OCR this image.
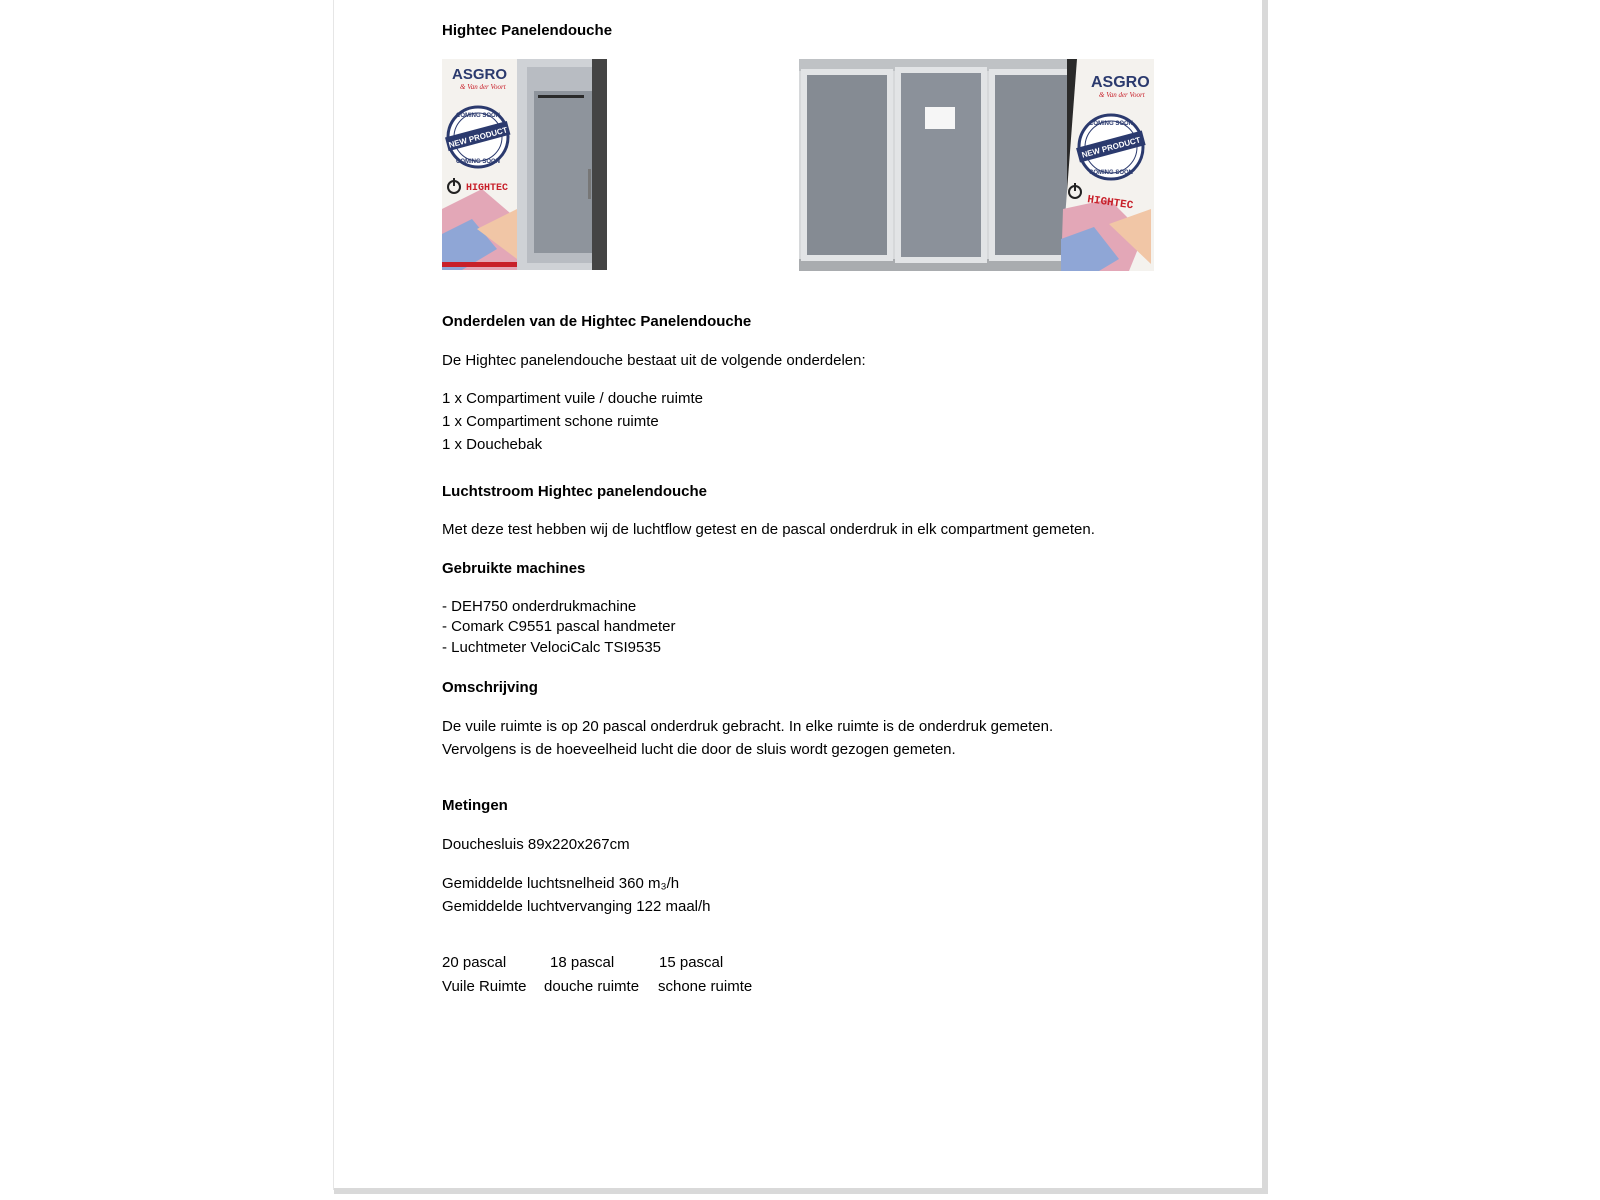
Hightec Panelendouche
ASGRO
& Van der Voort
COMING SOON
NEW PRODUCT
COMING SOON
HIGHTEC
ASGRO
& Van der Voort
COMING SOON
NEW PRODUCT
COMING SOON
HIGHTEC
Onderdelen van de Hightec Panelendouche
De Hightec panelendouche bestaat uit de volgende onderdelen:
1 x Compartiment vuile / douche ruimte
1 x Compartiment schone ruimte
1 x Douchebak
Luchtstroom Hightec panelendouche
Met deze test hebben wij de luchtflow getest en de pascal onderdruk in elk compartment gemeten.
Gebruikte machines
- DEH750 onderdrukmachine
- Comark C9551 pascal handmeter
- Luchtmeter VelociCalc TSI9535
Omschrijving
De vuile ruimte is op 20 pascal onderdruk gebracht. In elke ruimte is de onderdruk gemeten.
Vervolgens is de hoeveelheid lucht die door de sluis wordt gezogen gemeten.
Metingen
Douchesluis 89x220x267cm
Gemiddelde luchtsnelheid 360 m₃/h
Gemiddelde luchtvervanging 122 maal/h
20 pascal	18 pascal	15 pascal
Vuile Ruimte douche ruimte schone ruimte
